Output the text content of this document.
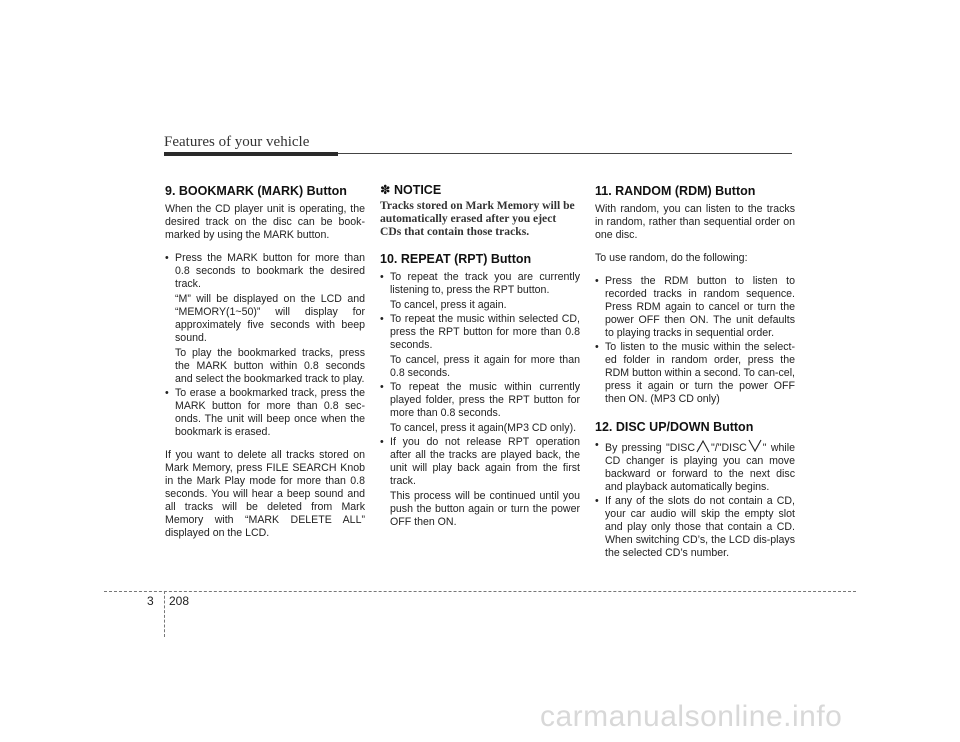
Features of your vehicle
9. BOOKMARK (MARK) Button

When the CD player unit is operating, the desired track on the disc can be book-marked by using the MARK button.

• Press the MARK button for more than 0.8 seconds to bookmark the desired track.
“M” will be displayed on the LCD and “MEMORY(1~50)” will display for approximately five seconds with beep sound.
To play the bookmarked tracks, press the MARK button within 0.8 seconds and select the bookmarked track to play.
• To erase a bookmarked track, press the MARK button for more than 0.8 sec-onds. The unit will beep once when the bookmark is erased.

If you want to delete all tracks stored on Mark Memory, press FILE SEARCH Knob in the Mark Play mode for more than 0.8 seconds. You will hear a beep sound and all tracks will be deleted from Mark Memory with “MARK DELETE ALL” displayed on the LCD.

✽ NOTICE
Tracks stored on Mark Memory will be automatically erased after you eject CDs that contain those tracks.
10. REPEAT (RPT) Button
• To repeat the track you are currently listening to, press the RPT button.
To cancel, press it again.
• To repeat the music within selected CD, press the RPT button for more than 0.8 seconds.
To cancel, press it again for more than 0.8 seconds.
• To repeat the music within currently played folder, press the RPT button for more than 0.8 seconds.
To cancel, press it again(MP3 CD only).
• If you do not release RPT operation after all the tracks are played back, the unit will play back again from the first track.
This process will be continued until you push the button again or turn the power OFF then ON.
11. RANDOM (RDM) Button

With random, you can listen to the tracks in random, rather than sequential order on one disc.

To use random, do the following:

• Press the RDM button to listen to recorded tracks in random sequence. Press RDM again to cancel or turn the power OFF then ON. The unit defaults to playing tracks in sequential order.
• To listen to the music within the select-ed folder in random order, press the RDM button within a second. To can-cel, press it again or turn the power OFF then ON. (MP3 CD only)
12. DISC UP/DOWN Button
• By pressing "DISC "/"DISC " while CD changer is playing you can move backward or forward to the next disc and playback automatically begins.
• If any of the slots do not contain a CD, your car audio will skip the empty slot and play only those that contain a CD. When switching CD’s, the LCD dis-plays the selected CD’s number.
3 208
carmanualsonline.info
